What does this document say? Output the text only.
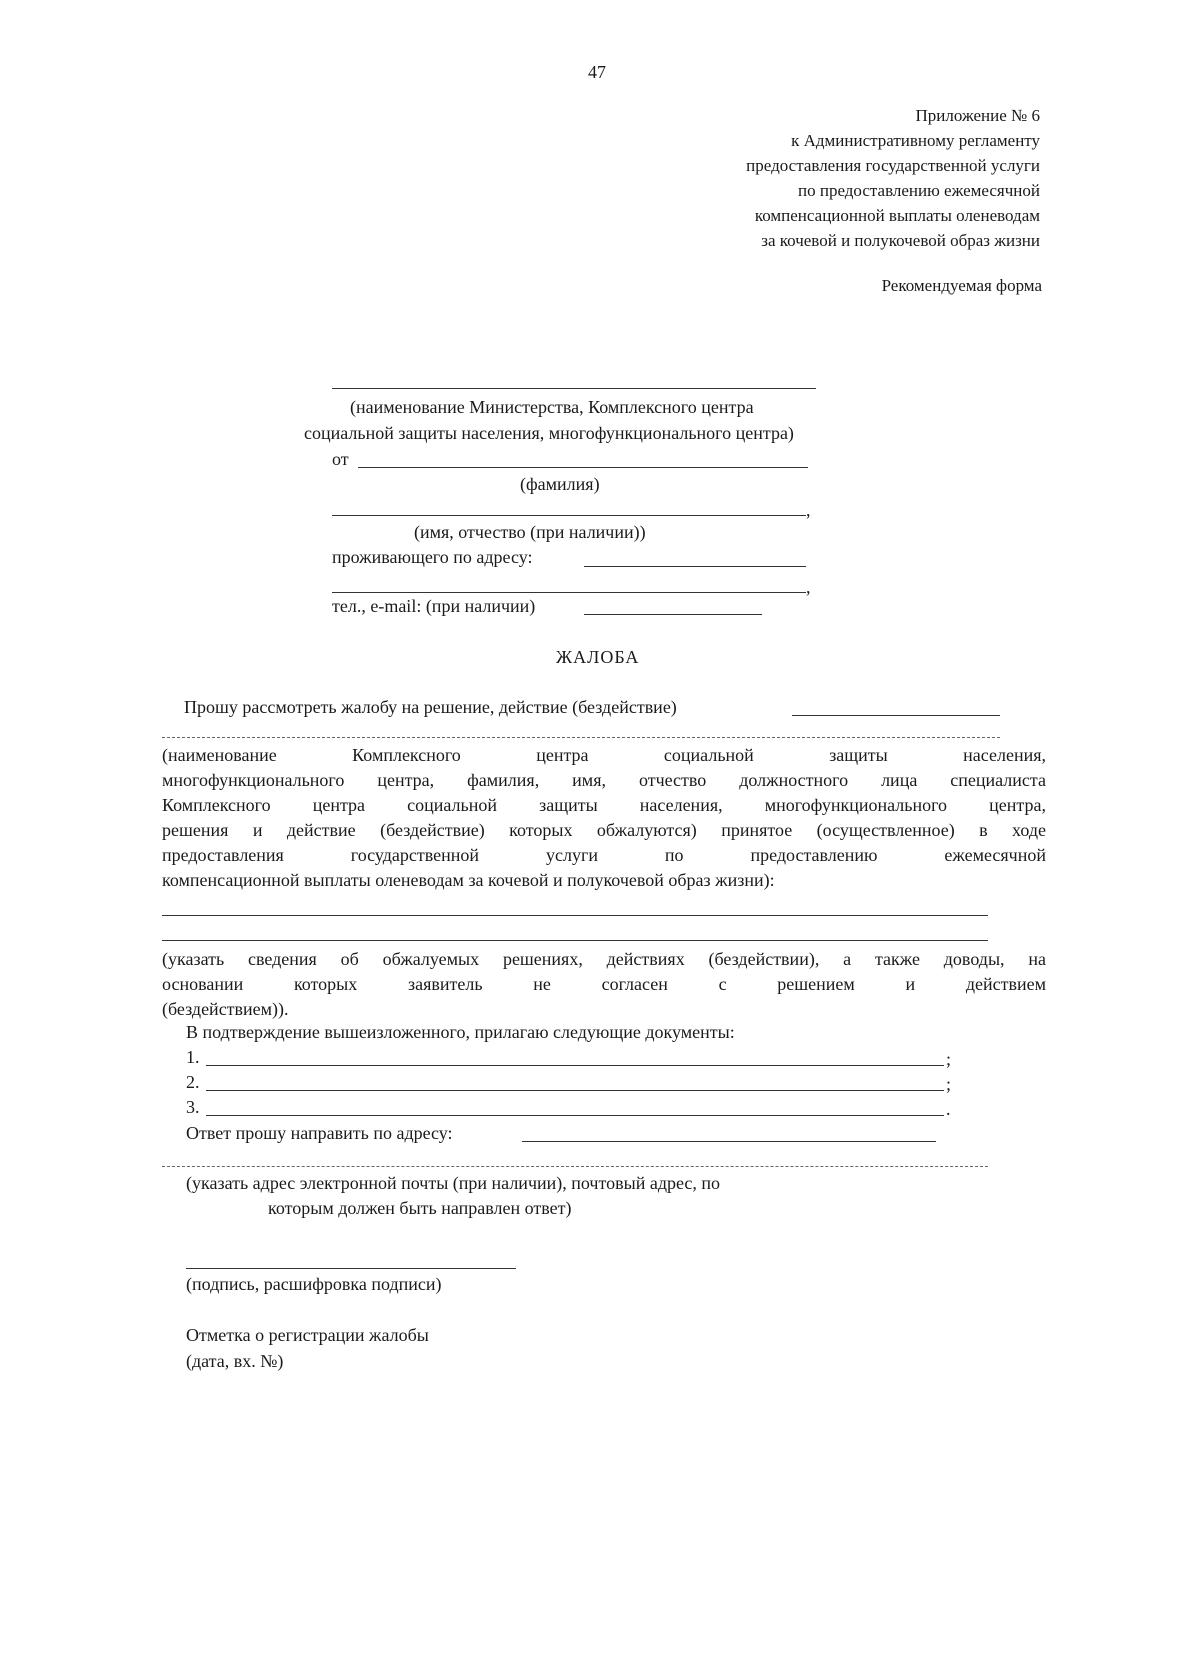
47
Приложение № 6
к Административному регламенту
предоставления государственной услуги
по предоставлению ежемесячной
компенсационной выплаты оленеводам
за кочевой и полукочевой образ жизни
Рекомендуемая форма
(наименование Министерства, Комплексного центра
социальной защиты населения, многофункционального центра)
от
(фамилия)
,
(имя, отчество (при наличии))
проживающего по адресу:
,
тел., e-mail: (при наличии)
ЖАЛОБА
Прошу рассмотреть жалобу на решение, действие (бездействие)
(наименование Комплексного центра социальной защиты населения,
многофункционального центра, фамилия, имя, отчество должностного лица специалиста
Комплексного центра социальной защиты населения, многофункционального центра,
решения и действие (бездействие) которых обжалуются) принятое (осуществленное) в ходе
предоставления государственной услуги по предоставлению ежемесячной
компенсационной выплаты оленеводам за кочевой и полукочевой образ жизни):
(указать сведения об обжалуемых решениях, действиях (бездействии), а также доводы, на
основании которых заявитель не согласен с решением и действием
(бездействием)).
В подтверждение вышеизложенного, прилагаю следующие документы:
1.	;
2.	;
3.	.
Ответ прошу направить по адресу:
(указать адрес электронной почты (при наличии), почтовый адрес, по
которым должен быть направлен ответ)
(подпись, расшифровка подписи)
Отметка о регистрации жалобы
(дата, вх. №)
